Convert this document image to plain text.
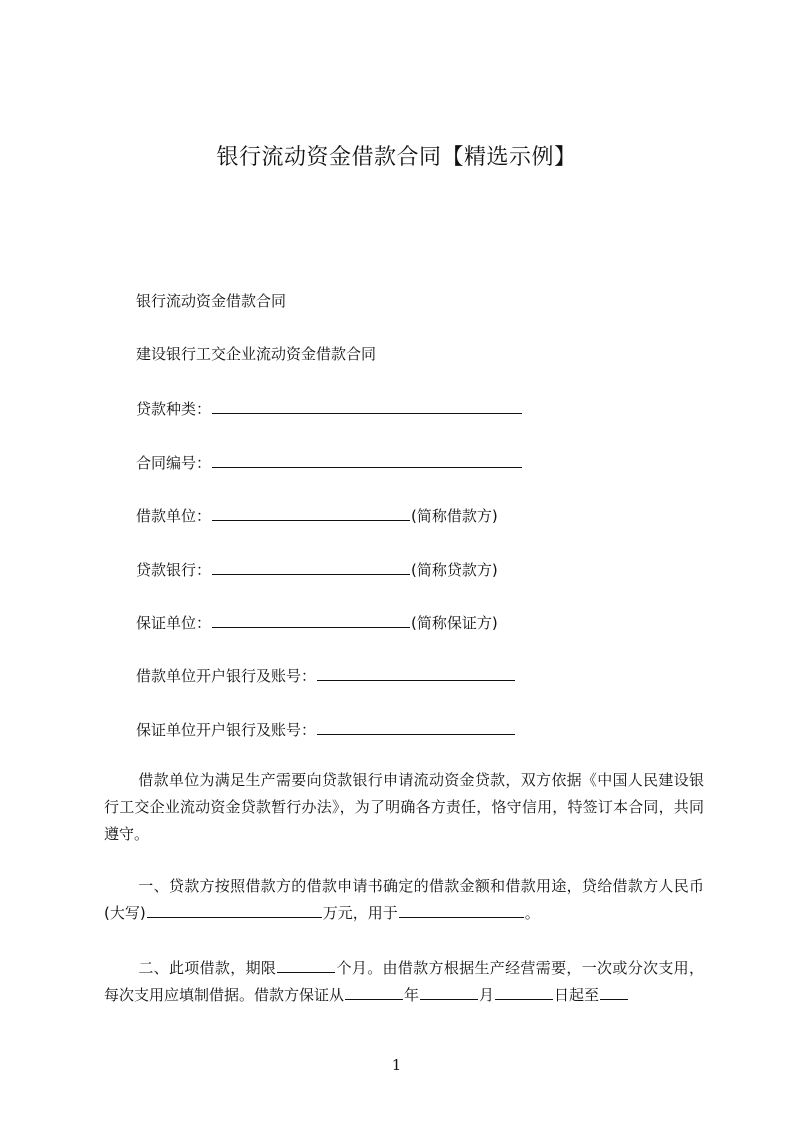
银行流动资金借款合同【精选示例】
银行流动资金借款合同
建设银行工交企业流动资金借款合同
贷款种类：
合同编号：
借款单位：	(简称借款方)
贷款银行：	(简称贷款方)
保证单位：	(简称保证方)
借款单位开户银行及账号：
保证单位开户银行及账号：
借款单位为满足生产需要向贷款银行申请流动资金贷款，双方依据《中国人民建设银行工交企业流动资金贷款暂行办法》，为了明确各方责任，恪守信用，特签订本合同，共同遵守。
一、贷款方按照借款方的借款申请书确定的借款金额和借款用途，贷给借款方人民币(大写)	万元，用于	。
二、此项借款，期限	个月。由借款方根据生产经营需要，一次或分次支用，每次支用应填制借据。借款方保证从	年	月	日起至
1
